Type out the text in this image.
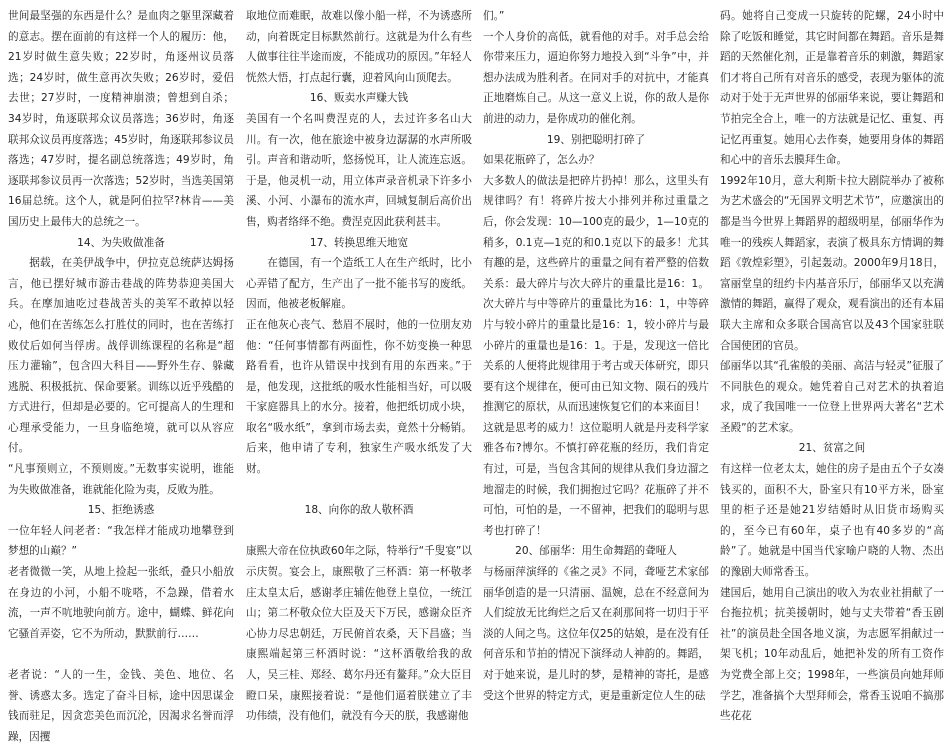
世间最坚强的东西是什么？是血肉之躯里深藏着的意志。摆在面前的有这样一个人的履历：他，21岁时做生意失败；22岁时，角逐州议员落选；24岁时，做生意再次失败；26岁时，爱侣去世；27岁时，一度精神崩溃；曾想到自杀；34岁时，角逐联邦众议员落选；36岁时，角逐联邦众议员再度落选；45岁时，角逐联邦参议员落选；47岁时，提名副总统落选；49岁时，角逐联邦参议员再一次落选；52岁时，当选美国第16届总统。这个人，就是阿伯拉罕?林肯——美国历史上最伟大的总统之一。

14、为失败做准备

据载，在美伊战争中，伊拉克总统萨达姆扬言，他已摆好城市游击巷战的阵势恭迎美国大兵。在摩加迪吃过巷战苦头的美军不敢掉以轻心，他们在苦练怎么打胜仗的同时，也在苦练打败仗后如何当俘虏。战俘训练课程的名称是“超压力灌输”，包含四大科目——野外生存、躲藏逃脱、积极抵抗、保命要紧。训练以近乎残酷的方式进行，但却是必要的。它可提高人的生理和心理承受能力，一旦身临绝境，就可以从容应付。

“凡事预则立，不预则废。”无数事实说明，谁能为失败做准备，谁就能化险为夷，反败为胜。

15、拒绝诱惑

一位年轻人问老者：“我怎样才能成功地攀登到梦想的山巅？”

老者微微一笑，从地上捡起一张纸，叠只小船放在身边的小河，小船不咙嗒，不急躁，借着水流，一声不吭地驶向前方。途中，蝴蝶、鲜花向它骚首弄姿，它不为所动，默默前行……

老者说：“人的一生，金钱、美色、地位、名誉、诱惑太多。选定了奋斗目标，途中因思谋金钱而驻足，因贪恋美色而沉沦，因渴求名誉而浮躁，因攫

取地位而难眠，故难以像小船一样，不为诱惑所动，向着既定目标默然前行。这就是为什么有些人做事往往半途而废，不能成功的原因。”年轻人恍然大悟，打点起行囊，迎着风向山顶爬去。

16、贩卖水声赚大钱

美国有一个名叫费涅克的人，去过许多名山大川。有一次，他在旅途中被身边潺潺的水声所吸引。声音和谐动听，悠扬悦耳，让人流连忘返。于是，他灵机一动，用立体声录音机录下许多小溪、小河、小瀑布的流水声，回城复制后高价出售，购者络绎不绝。费涅克因此获利甚丰。

17、转换思维天地宽

在德国，有一个造纸工人在生产纸时，比小心弄错了配方，生产出了一批不能书写的废纸。因而，他被老板解雇。

正在他灰心丧气、愁眉不展时，他的一位朋友劝他：“任何事情都有两面性，你不妨变换一种思路看看，也许从错误中找到有用的东西来。”于是，他发现，这批纸的吸水性能相当好，可以吸干家庭器具上的水分。接着，他把纸切成小块，取名“吸水纸”，拿到市场去卖，竟然十分畅销。后来，他申请了专利，独家生产吸水纸发了大财。

18、向你的敌人敬杯酒

康熙大帝在位执政60年之际，特举行“千叟宴”以示庆贺。宴会上，康熙敬了三杯酒：第一杯敬孝庄太皇太后，感谢孝庄辅佐他登上皇位，一统江山；第二杯敬众位大臣及天下万民，感谢众臣齐心协力尽忠朝廷，万民俯首农桑，天下昌盛；当康熙端起第三杯酒时说：“这杯酒敬给我的敌人，吴三桂、郑经、葛尔丹还有鳌拜。”众大臣目瞪口呆，康熙接着说：“是他们逼着朕建立了丰功伟绩，没有他们，就没有今天的朕，我感谢他

们。”

一个人身价的高低，就看他的对手。对手总会给你带来压力，逼迫你努力地投入到“斗争”中，并想办法成为胜利者。在同对手的对抗中，才能真正地磨炼自己。从这一意义上说，你的敌人是你前进的动力，是你成功的催化剂。

19、别把聪明打碎了

如果花瓶碎了，怎么办？

大多数人的做法是把碎片扔掉！那么，这里头有规律吗？有！将碎片按大小排列并称过重量之后，你会发现：10—100克的最少，1—10克的稍多，0.1克—1克的和0.1克以下的最多！尤其有趣的是，这些碎片的重量之间有着严整的倍数关系：最大碎片与次大碎片的重量比是16：1。次大碎片与中等碎片的重量比为16：1，中等碎片与较小碎片的重量比是16：1，较小碎片与最小碎片的重量也是16：1。于是，发现这一倍比关系的人便将此规律用于考古或天体研究，即只要有这个规律在，便可由已知文物、陨石的残片推测它的原状，从而迅速恢复它们的本来面目！

这就是思考的威力！这位聪明人就是丹麦科学家雅各布?博尔。不慎打碎花瓶的经历，我们肯定有过，可是，当包含其间的规律从我们身边溜之地溜走的时候，我们拥抱过它吗？花瓶碎了并不可怕，可怕的是，一不留神，把我们的聪明与思考也打碎了！

20、邰丽华：用生命舞蹈的聋哑人

与杨丽萍演绎的《雀之灵》不同，聋哑艺术家邰丽华创造的是一只清丽、温婉，总在不经意间为人们绽放无比绚烂之后又在刹那间将一切归于平淡的人间之鸟。这位年仅25的姑娘，是在没有任何音乐和节拍的情况下演绎动人神韵的。舞蹈，对于她来说，是儿时的梦，是精神的寄托，是感受这个世界的特定方式，更是重新定位人生的砝

码。她将自己变成一只旋转的陀螺，24小时中除了吃饭和睡觉，其它时间都在舞蹈。音乐是舞蹈的天然催化剂，正是靠着音乐的刺激，舞蹈家们才将自己所有对音乐的感受，表现为躯体的流动对于处于无声世界的邰丽华来说，要让舞蹈和节拍完全合上，唯一的方法就是记忆、重复、再记忆再重复。她用心去作奏，她要用身体的舞蹈和心中的音乐去膜拜生命。

1992年10月，意大利斯卡拉大剧院举办了被称为艺术盛会的“无国界文明艺术节”，应邀演出的都是当今世界上舞蹈界的超级明星，邰丽华作为唯一的残疾人舞蹈家，表演了极具东方情调的舞蹈《敦煌彩塑》，引起轰动。2000年9月18日，富丽堂皇的纽约卡内基音乐厅，邰丽华又以充满激情的舞蹈，赢得了观众，观看演出的还有本届联大主席和众多联合国高官以及43个国家驻联合国使团的官员。

邰丽华以其“孔雀般的美丽、高洁与轻灵”征服了不同肤色的观众。她凭着自己对艺术的执着追求，成了我国唯一一位登上世界两大著名“艺术圣殿”的艺术家。

21、贫富之间

有这样一位老太太，她住的房子是由五个子女凑钱买的，面积不大，卧室只有10平方米，卧室里的柜子还是她21岁结婚时从旧货市场购买的，至今已有60年，桌子也有40多岁的“高龄”了。她就是中国当代家喻户晓的人物、杰出的豫剧大师常香玉。

建国后，她用自己演出的收入为农业社捐献了一台拖拉机；抗美援朝时，她与丈夫带着“香玉剧社”的演员赴全国各地义演，为志愿军捐献过一架飞机；10年动乱后，她把补发的所有工资作为党费全部上交；1998年，一些演员向她拜师学艺，准备搞个大型拜师会，常香玉说咱不搞那些花花
